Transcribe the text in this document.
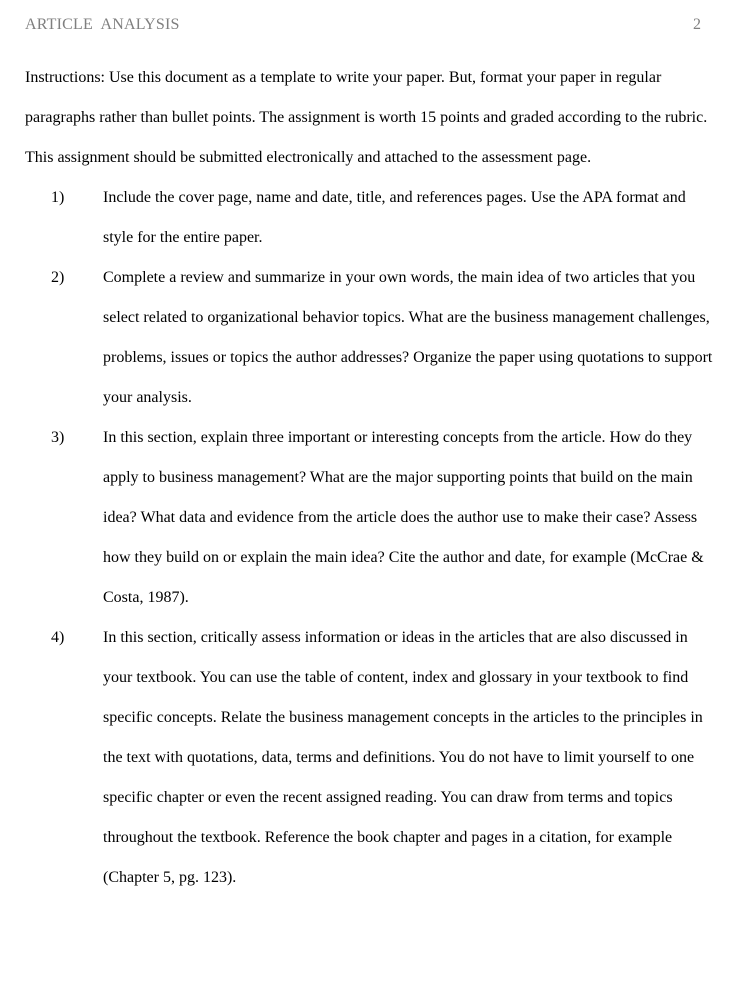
ARTICLE  ANALYSIS	2

Instructions: Use this document as a template to write your paper. But, format your paper in regular paragraphs rather than bullet points. The assignment is worth 15 points and graded according to the rubric. This assignment should be submitted electronically and attached to the assessment page.

1) Include the cover page, name and date, title, and references pages. Use the APA format and style for the entire paper.
2) Complete a review and summarize in your own words, the main idea of two articles that you select related to organizational behavior topics. What are the business management challenges, problems, issues or topics the author addresses? Organize the paper using quotations to support your analysis.
3) In this section, explain three important or interesting concepts from the article. How do they apply to business management? What are the major supporting points that build on the main idea? What data and evidence from the article does the author use to make their case? Assess how they build on or explain the main idea? Cite the author and date, for example (McCrae & Costa, 1987).
4) In this section, critically assess information or ideas in the articles that are also discussed in your textbook. You can use the table of content, index and glossary in your textbook to find specific concepts. Relate the business management concepts in the articles to the principles in the text with quotations, data, terms and definitions. You do not have to limit yourself to one specific chapter or even the recent assigned reading. You can draw from terms and topics throughout the textbook. Reference the book chapter and pages in a citation, for example (Chapter 5, pg. 123).
